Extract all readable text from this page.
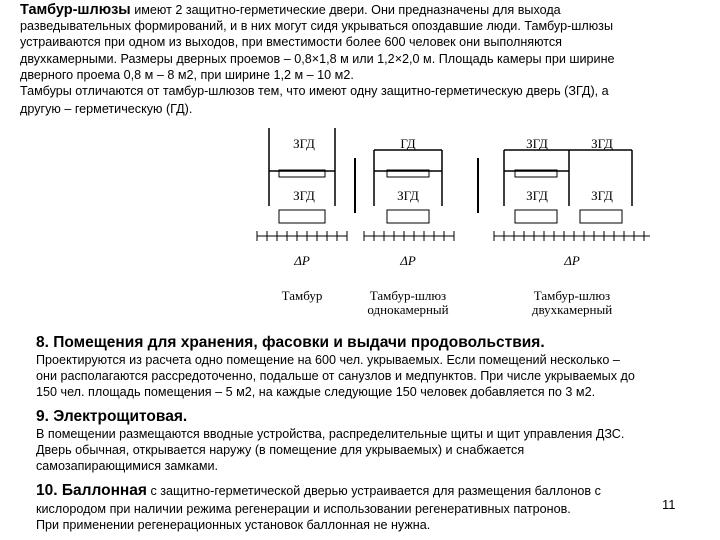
Тамбур-шлюзы имеют 2 защитно-герметические двери. Они предназначены для выхода

разведывательных формирований, и в них могут сидя укрываться опоздавшие люди. Тамбур-шлюзы

устраиваются при одном из выходов, при вместимости более 600 человек они выполняются

двухкамерными. Размеры дверных проемов – 0,8×1,8 м или 1,2×2,0 м. Площадь камеры при ширине

дверного проема 0,8 м – 8 м2, при ширине 1,2 м – 10 м2.

Тамбуры отличаются от тамбур-шлюзов тем, что имеют одну защитно-герметическую дверь (ЗГД), а

другую – герметическую (ГД).

ЗГД
ЗГД
ГД
ЗГД
ЗГД	ЗГД
ЗГД	ЗГД
ΔP	ΔP	ΔP
Тамбур	Тамбур-шлюз
однокамерный
Тамбур-шлюз
двухкамерный

8. Помещения для хранения, фасовки и выдачи продовольствия.

Проектируются из расчета одно помещение на 600 чел. укрываемых. Если помещений несколько –

они располагаются рассредоточенно, подальше от санузлов и медпунктов. При числе укрываемых до

150 чел. площадь помещения – 5 м2, на каждые следующие 150 человек добавляется по 3 м2.

9. Электрощитовая.

В помещении размещаются вводные устройства, распределительные щиты и щит управления ДЗС.

Дверь обычная, открывается наружу (в помещение для укрываемых) и снабжается

самозапирающимися замками.

10. Баллонная с защитно-герметической дверью устраивается для размещения баллонов с

кислородом при наличии режима регенерации и использовании регенеративных патронов.

При применении регенерационных установок баллонная не нужна.

11
